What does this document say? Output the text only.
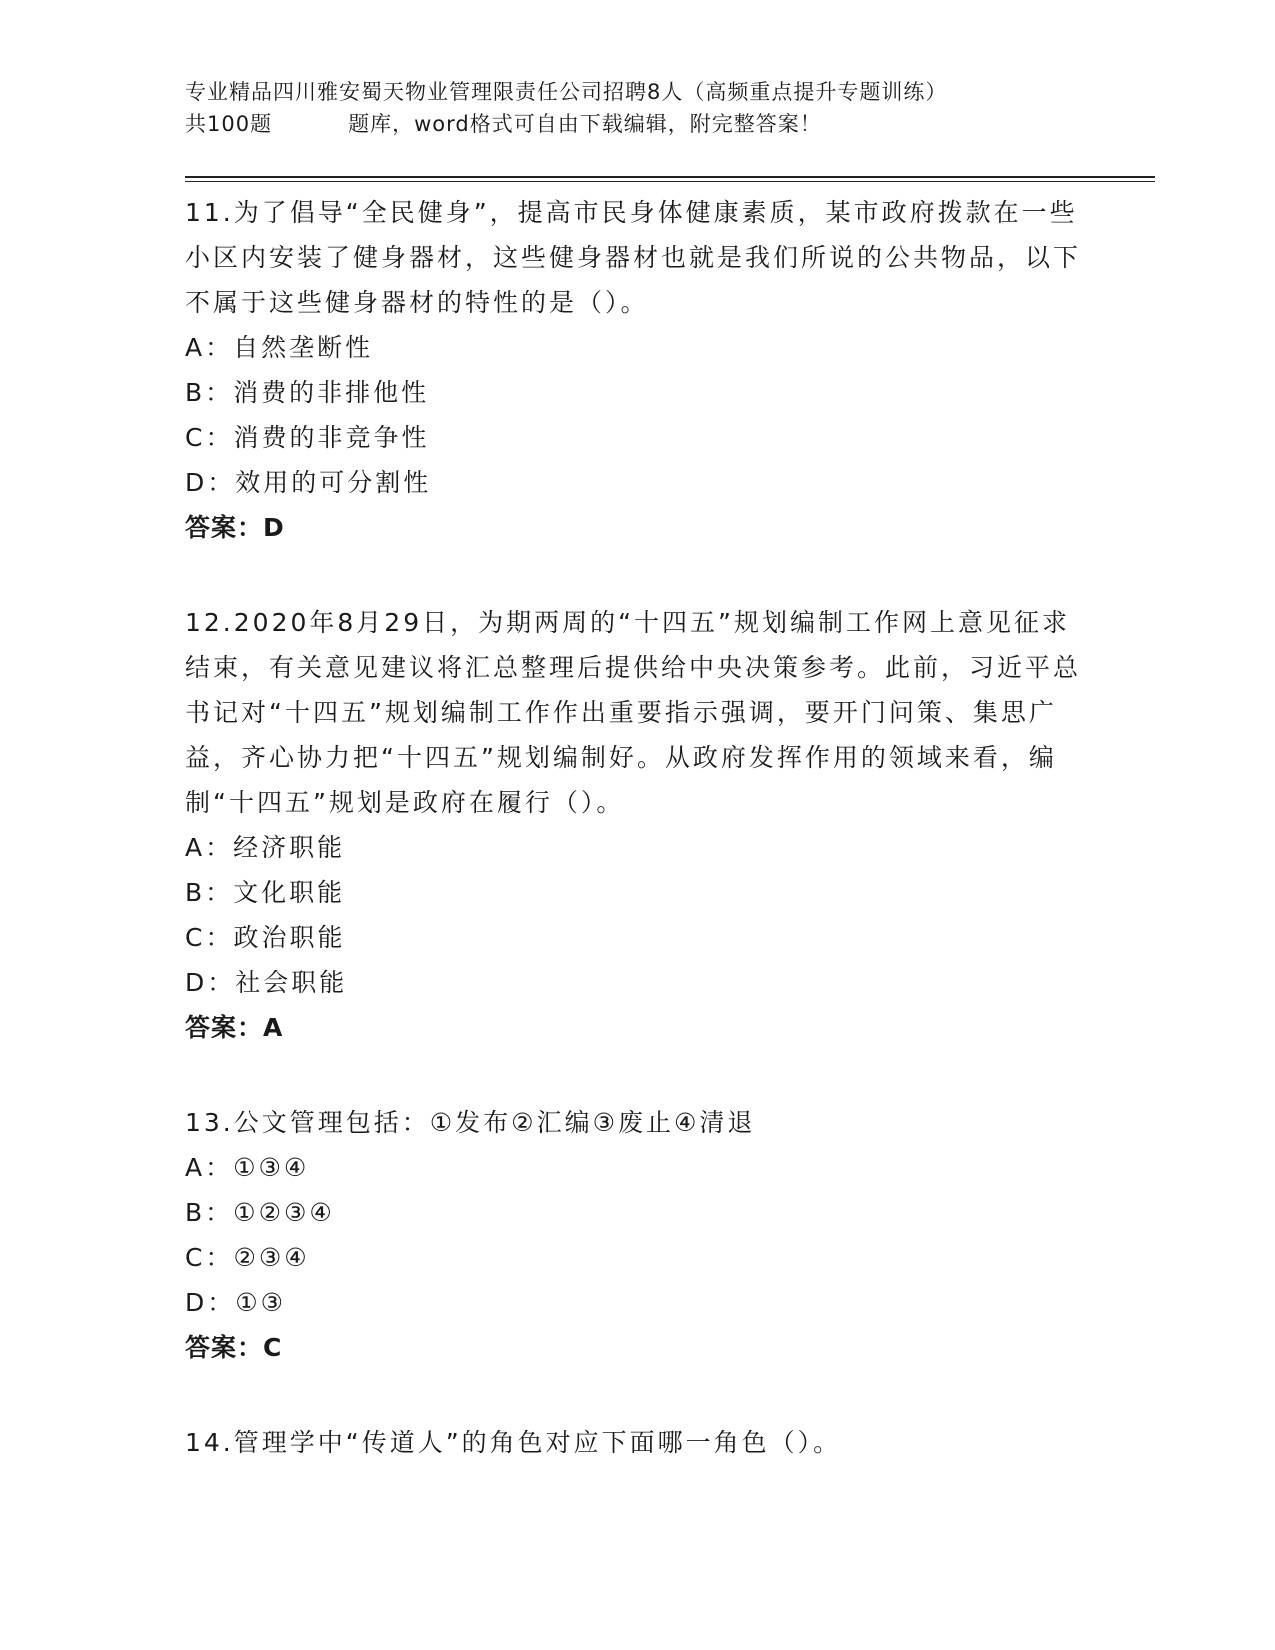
专业精品四川雅安蜀天物业管理限责任公司招聘8人（高频重点提升专题训练）
共100题	题库，word格式可自由下载编辑，附完整答案！
11.为了倡导“全民健身”，提高市民身体健康素质，某市政府拨款在一些小区内安装了健身器材，这些健身器材也就是我们所说的公共物品，以下不属于这些健身器材的特性的是（）。
A：自然垄断性
B：消费的非排他性
C：消费的非竞争性
D：效用的可分割性
答案：D
12.2020年8月29日，为期两周的“十四五”规划编制工作网上意见征求结束，有关意见建议将汇总整理后提供给中央决策参考。此前，习近平总书记对“十四五”规划编制工作作出重要指示强调，要开门问策、集思广益，齐心协力把“十四五”规划编制好。从政府发挥作用的领域来看，编制“十四五”规划是政府在履行（）。
A：经济职能
B：文化职能
C：政治职能
D：社会职能
答案：A
13.公文管理包括：①发布②汇编③废止④清退
A：①③④
B：①②③④
C：②③④
D：①③
答案：C
14.管理学中“传道人”的角色对应下面哪一角色（）。
